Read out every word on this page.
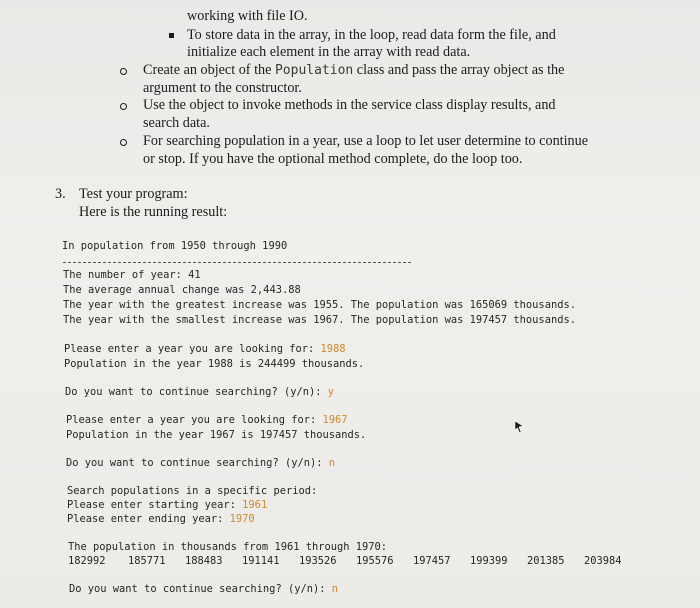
working with file IO.
To store data in the array, in the loop, read data form the file, and
initialize each element in the array with read data.
Create an object of the Population class and pass the array object as the
argument to the constructor.
Use the object to invoke methods in the service class display results, and
search data.
For searching population in a year, use a loop to let user determine to continue
or stop. If you have the optional method complete, do the loop too.
3. Test your program:
Here is the running result:
In population from 1950 through 1990
The number of year: 41
The average annual change was 2,443.88
The year with the greatest increase was 1955. The population was 165069 thousands.
The year with the smallest increase was 1967. The population was 197457 thousands.
Please enter a year you are looking for: 1988
Population in the year 1988 is 244499 thousands.
Do you want to continue searching? (y/n): y
Please enter a year you are looking for: 1967
Population in the year 1967 is 197457 thousands.
Do you want to continue searching? (y/n): n
Search populations in a specific period:
Please enter starting year: 1961
Please enter ending year: 1970
The population in thousands from 1961 through 1970:
182992 185771 188483 191141 193526 195576 197457 199399 201385 203984
Do you want to continue searching? (y/n): n
